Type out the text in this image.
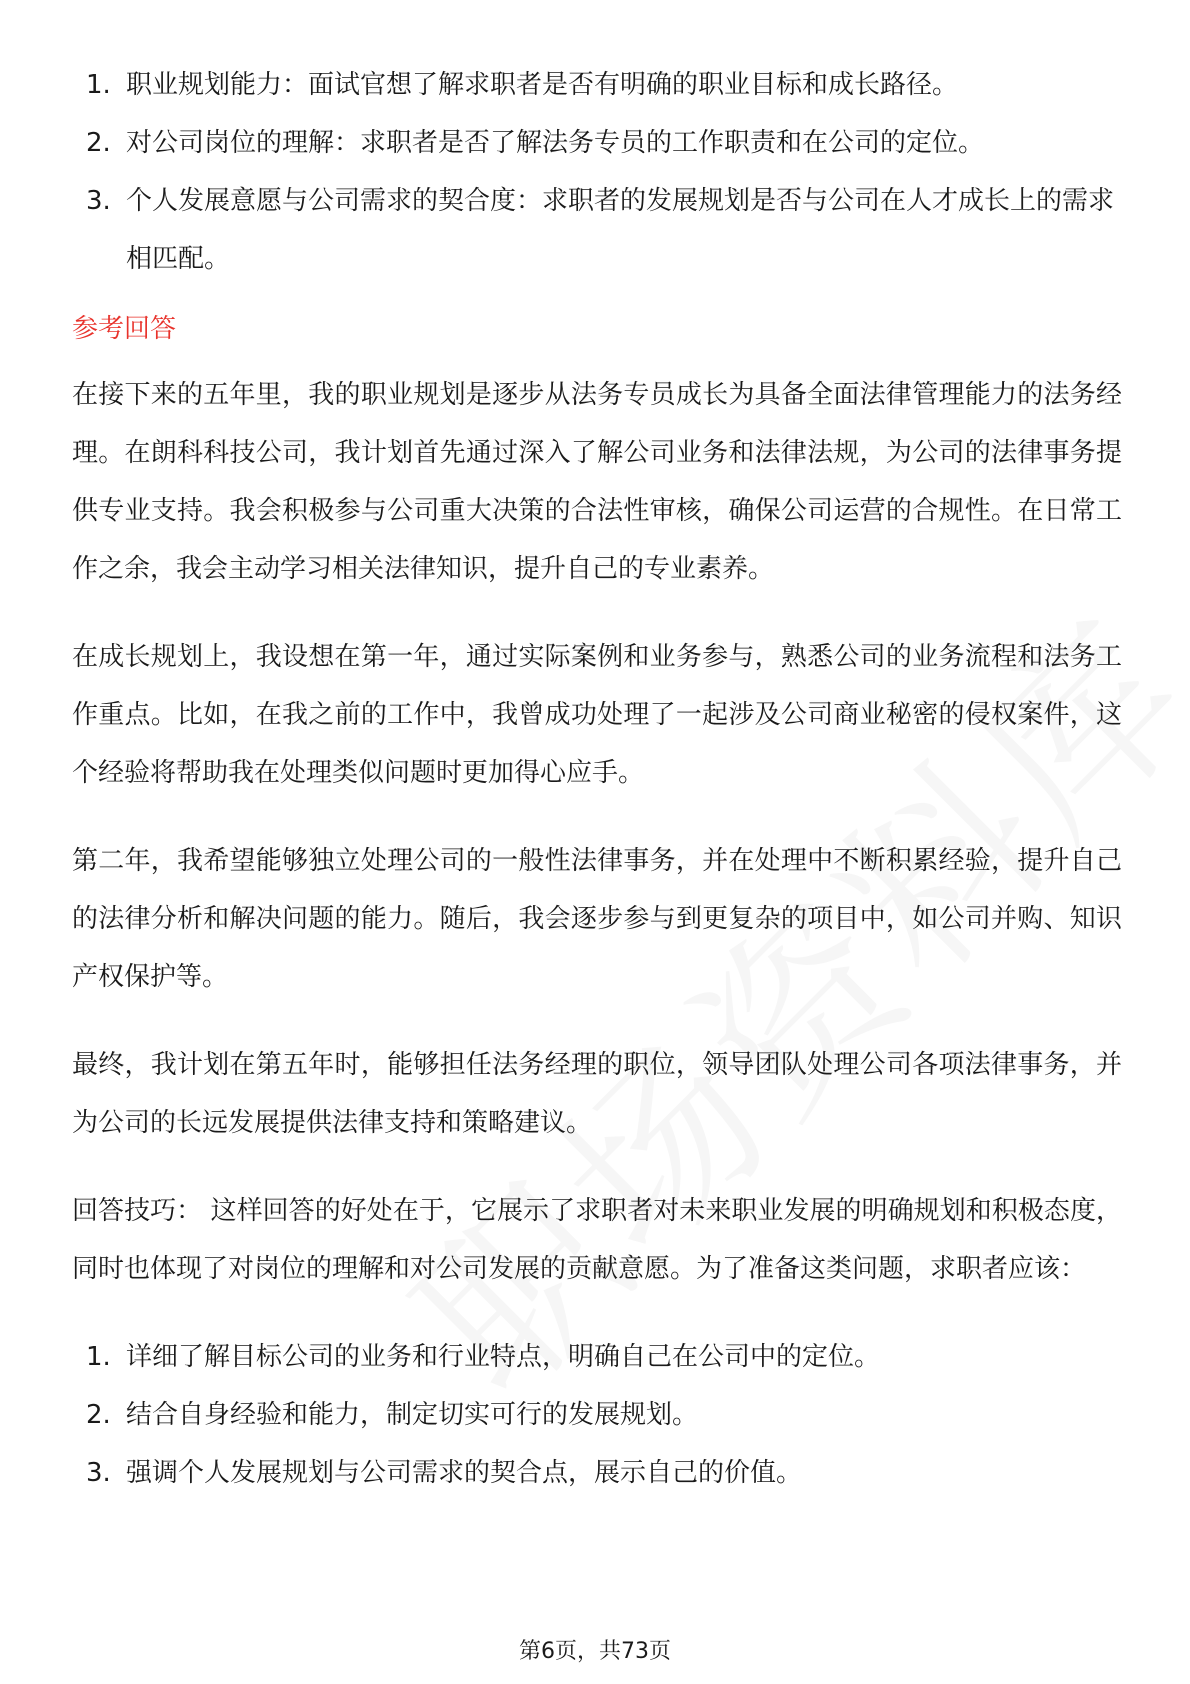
1. 职业规划能力：面试官想了解求职者是否有明确的职业目标和成长路径。
2. 对公司岗位的理解：求职者是否了解法务专员的工作职责和在公司的定位。
3. 个人发展意愿与公司需求的契合度：求职者的发展规划是否与公司在人才成长上的需求相匹配。
参考回答

在接下来的五年里，我的职业规划是逐步从法务专员成长为具备全面法律管理能力的法务经理。在朗科科技公司，我计划首先通过深入了解公司业务和法律法规，为公司的法律事务提供专业支持。我会积极参与公司重大决策的合法性审核，确保公司运营的合规性。在日常工作之余，我会主动学习相关法律知识，提升自己的专业素养。

在成长规划上，我设想在第一年，通过实际案例和业务参与，熟悉公司的业务流程和法务工作重点。比如，在我之前的工作中，我曾成功处理了一起涉及公司商业秘密的侵权案件，这个经验将帮助我在处理类似问题时更加得心应手。

第二年，我希望能够独立处理公司的一般性法律事务，并在处理中不断积累经验，提升自己的法律分析和解决问题的能力。随后，我会逐步参与到更复杂的项目中，如公司并购、知识产权保护等。

最终，我计划在第五年时，能够担任法务经理的职位，领导团队处理公司各项法律事务，并为公司的长远发展提供法律支持和策略建议。

回答技巧： 这样回答的好处在于，它展示了求职者对未来职业发展的明确规划和积极态度，同时也体现了对岗位的理解和对公司发展的贡献意愿。为了准备这类问题，求职者应该：

1. 详细了解目标公司的业务和行业特点，明确自己在公司中的定位。
2. 结合自身经验和能力，制定切实可行的发展规划。
3. 强调个人发展规划与公司需求的契合点，展示自己的价值。
第6页，共73页
